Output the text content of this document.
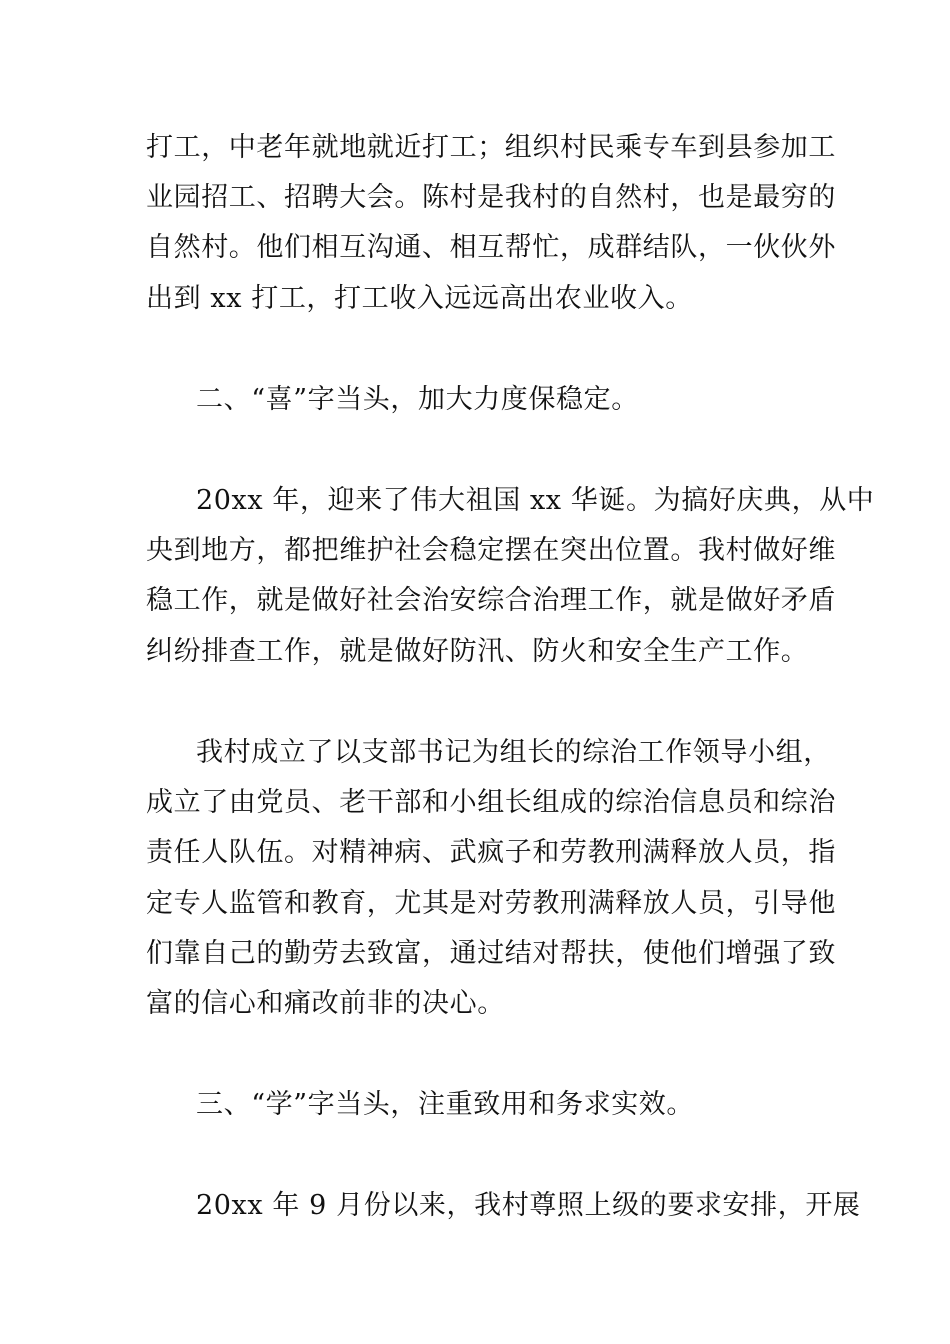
打工，中老年就地就近打工；组织村民乘专车到县参加工
业园招工、招聘大会。陈村是我村的自然村，也是最穷的
自然村。他们相互沟通、相互帮忙，成群结队，一伙伙外
出到 xx 打工，打工收入远远高出农业收入。
二、“喜”字当头，加大力度保稳定。
20xx 年，迎来了伟大祖国 xx 华诞。为搞好庆典，从中
央到地方，都把维护社会稳定摆在突出位置。我村做好维
稳工作，就是做好社会治安综合治理工作，就是做好矛盾
纠纷排查工作，就是做好防汛、防火和安全生产工作。
我村成立了以支部书记为组长的综治工作领导小组，
成立了由党员、老干部和小组长组成的综治信息员和综治
责任人队伍。对精神病、武疯子和劳教刑满释放人员，指
定专人监管和教育，尤其是对劳教刑满释放人员，引导他
们靠自己的勤劳去致富，通过结对帮扶，使他们增强了致
富的信心和痛改前非的决心。
三、“学”字当头，注重致用和务求实效。
20xx 年 9 月份以来，我村尊照上级的要求安排，开展
